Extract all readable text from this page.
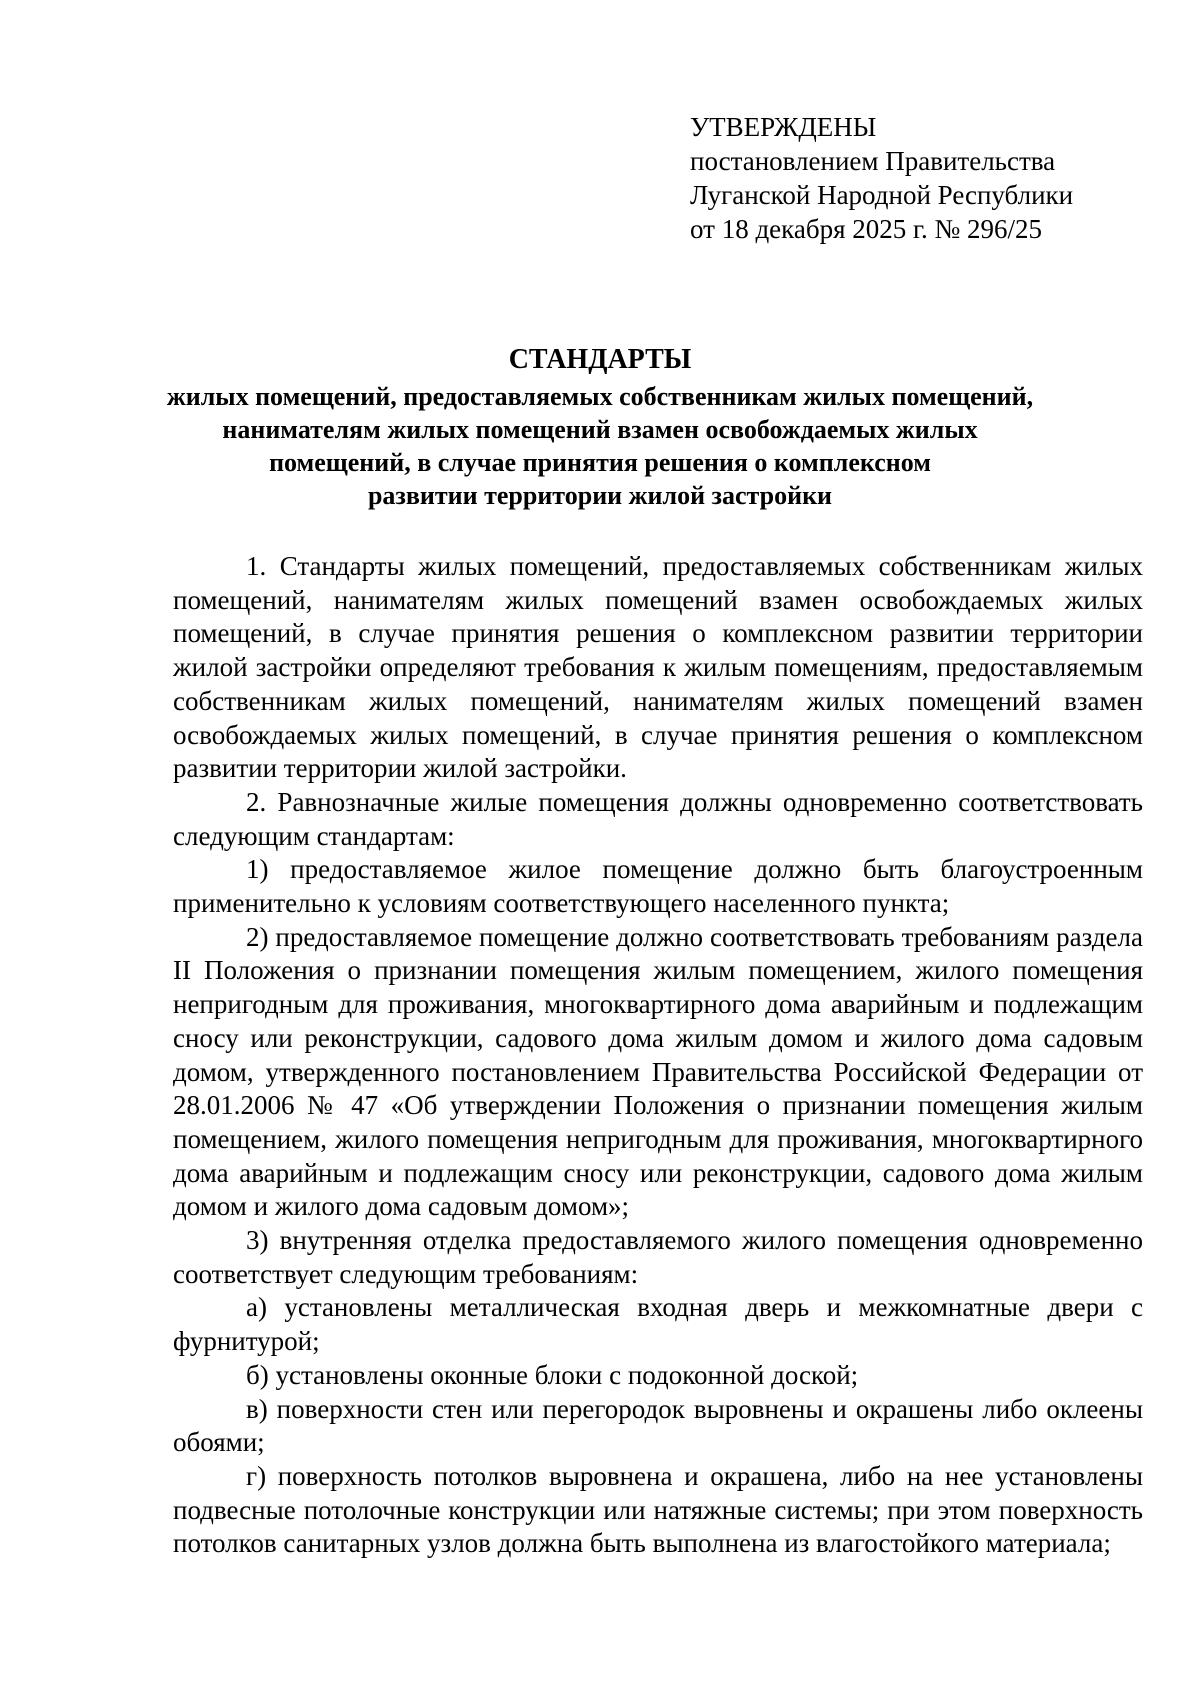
УТВЕРЖДЕНЫ
постановлением Правительства
Луганской Народной Республики
от 18 декабря 2025 г. № 296/25
СТАНДАРТЫ
жилых помещений, предоставляемых собственникам жилых помещений,
нанимателям жилых помещений взамен освобождаемых жилых
помещений, в случае принятия решения о комплексном
развитии территории жилой застройки

1. Стандарты жилых помещений, предоставляемых собственникам жилых помещений, нанимателям жилых помещений взамен освобождаемых жилых помещений, в случае принятия решения о комплексном развитии территории жилой застройки определяют требования к жилым помещениям, предоставляемым собственникам жилых помещений, нанимателям жилых помещений взамен освобождаемых жилых помещений, в случае принятия решения о комплексном развитии территории жилой застройки.

2. Равнозначные жилые помещения должны одновременно соответствовать следующим стандартам:

1) предоставляемое жилое помещение должно быть благоустроенным применительно к условиям соответствующего населенного пункта;

2) предоставляемое помещение должно соответствовать требованиям раздела II Положения о признании помещения жилым помещением, жилого помещения непригодным для проживания, многоквартирного дома аварийным и подлежащим сносу или реконструкции, садового дома жилым домом и жилого дома садовым домом, утвержденного постановлением Правительства Российской Федерации от 28.01.2006 № 47 «Об утверждении Положения о признании помещения жилым помещением, жилого помещения непригодным для проживания, многоквартирного дома аварийным и подлежащим сносу или реконструкции, садового дома жилым домом и жилого дома садовым домом»;

3) внутренняя отделка предоставляемого жилого помещения одновременно соответствует следующим требованиям:

а) установлены металлическая входная дверь и межкомнатные двери с фурнитурой;

б) установлены оконные блоки с подоконной доской;

в) поверхности стен или перегородок выровнены и окрашены либо оклеены обоями;

г) поверхность потолков выровнена и окрашена, либо на нее установлены подвесные потолочные конструкции или натяжные системы; при этом поверхность потолков санитарных узлов должна быть выполнена из влагостойкого материала;
